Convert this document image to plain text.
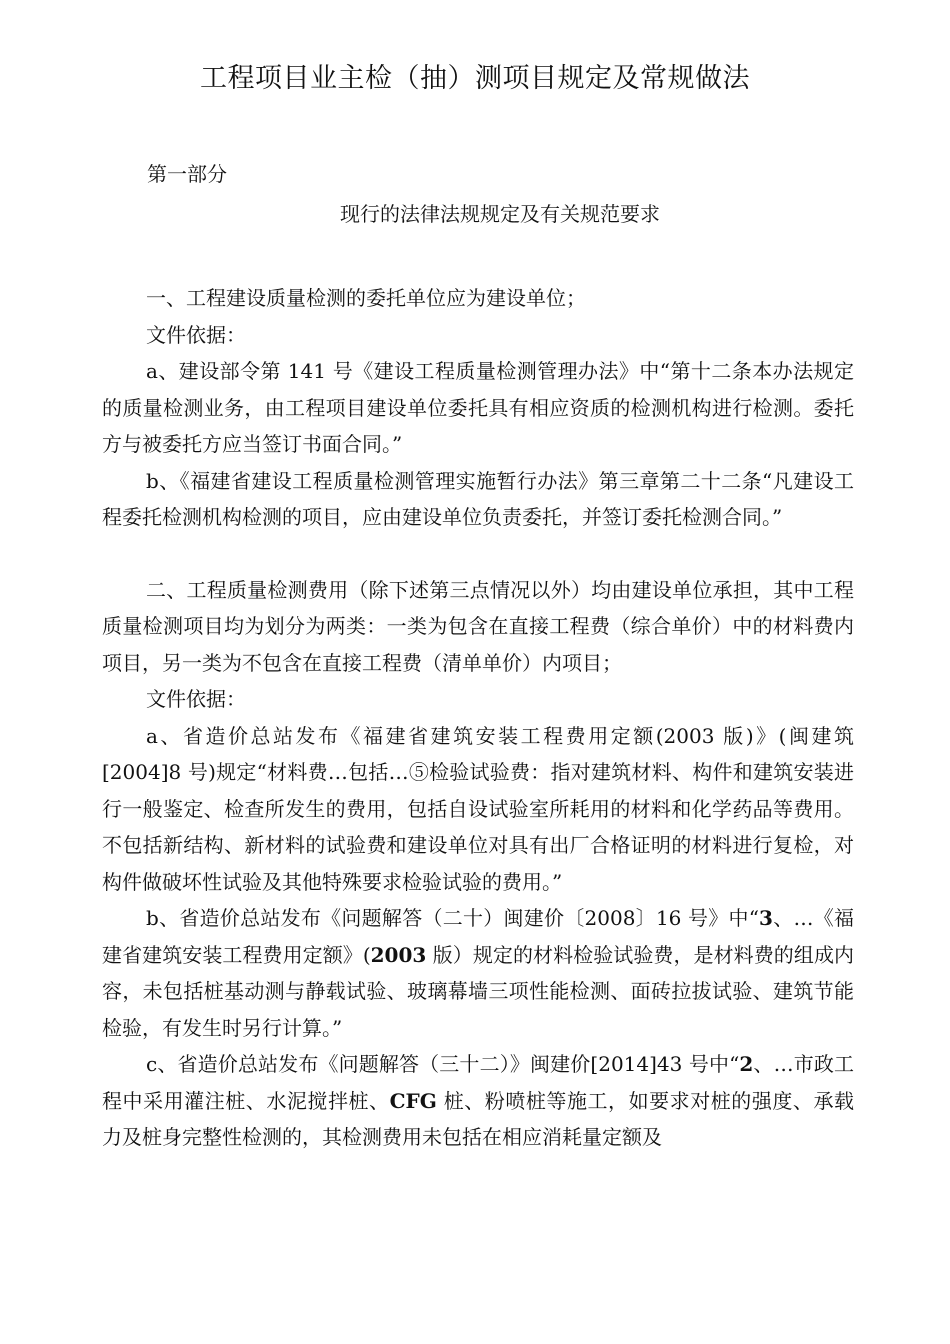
工程项目业主检（抽）测项目规定及常规做法
第一部分
现行的法律法规规定及有关规范要求

一、工程建设质量检测的委托单位应为建设单位；

文件依据：

a、建设部令第 141 号《建设工程质量检测管理办法》中“第十二条本办法规定的质量检测业务，由工程项目建设单位委托具有相应资质的检测机构进行检测。委托方与被委托方应当签订书面合同。”

b、《福建省建设工程质量检测管理实施暂行办法》第三章第二十二条“凡建设工程委托检测机构检测的项目，应由建设单位负责委托，并签订委托检测合同。”

二、工程质量检测费用（除下述第三点情况以外）均由建设单位承担，其中工程质量检测项目均为划分为两类：一类为包含在直接工程费（综合单价）中的材料费内项目，另一类为不包含在直接工程费（清单单价）内项目；

文件依据：

a、省造价总站发布《福建省建筑安装工程费用定额(2003 版)》(闽建筑[2004]8 号)规定“材料费…包括…⑤检验试验费：指对建筑材料、构件和建筑安装进行一般鉴定、检查所发生的费用，包括自设试验室所耗用的材料和化学药品等费用。不包括新结构、新材料的试验费和建设单位对具有出厂合格证明的材料进行复检，对构件做破坏性试验及其他特殊要求检验试验的费用。”

b、省造价总站发布《问题解答（二十）闽建价〔2008〕16 号》中“3、…《福建省建筑安装工程费用定额》(2003 版）规定的材料检验试验费，是材料费的组成内容，未包括桩基动测与静载试验、玻璃幕墙三项性能检测、面砖拉拔试验、建筑节能检验，有发生时另行计算。”

c、省造价总站发布《问题解答（三十二）》闽建价[2014]43 号中“2、…市政工程中采用灌注桩、水泥搅拌桩、CFG 桩、粉喷桩等施工，如要求对桩的强度、承载力及桩身完整性检测的，其检测费用未包括在相应消耗量定额及
